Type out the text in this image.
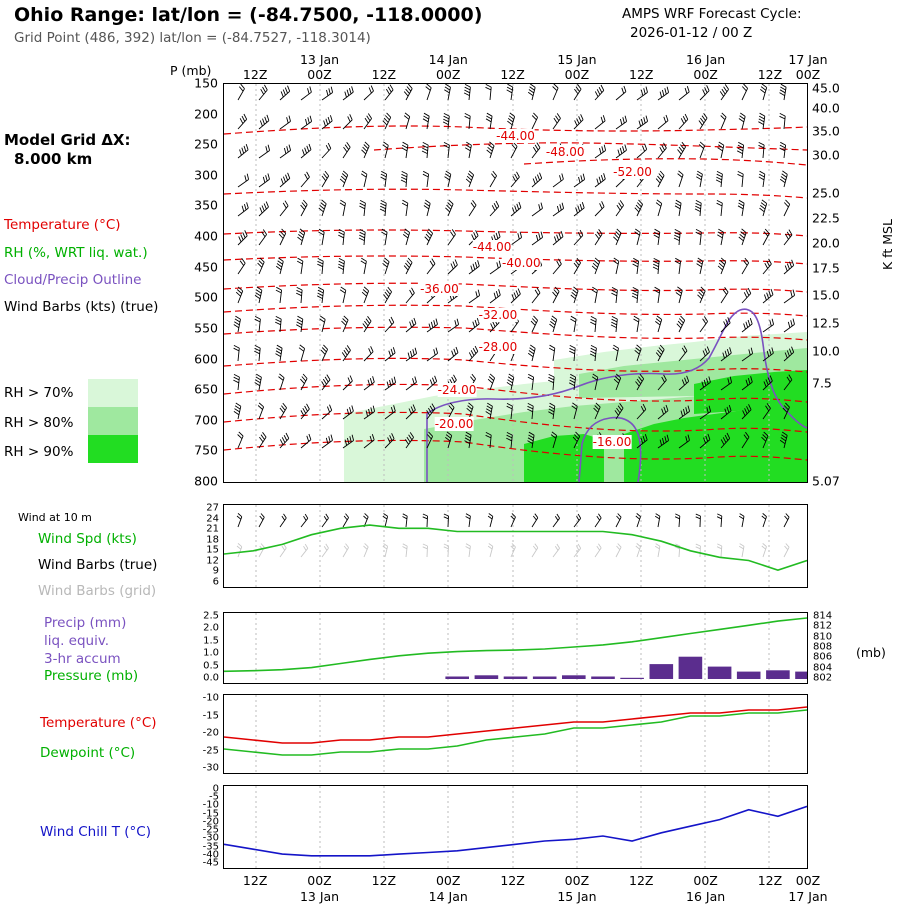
Ohio Range: lat/lon = (-84.7500, -118.0000)
Grid Point (486, 392) lat/lon = (-84.7527, -118.3014)
AMPS WRF Forecast Cycle:
2026-01-12 / 00 Z
Model Grid ΔX:
8.000 km
Temperature (°C)
RH (%, WRT liq. wat.)
Cloud/Precip Outline
Wind Barbs (kts) (true)
RH > 70%
RH > 80%
RH > 90%
Wind at 10 m
Wind Spd (kts)
Wind Barbs (true)
Wind Barbs (grid)
Precip (mm)
liq. equiv.
3-hr accum
Pressure (mb)
Temperature (°C)
Dewpoint (°C)
Wind Chill T (°C)
P (mb)
K ft MSL
(mb)
150
200
250
300
350
400
450
500
550
600
650
700
750
800
45.0
40.0
35.0
30.0
25.0
22.5
20.0
17.5
15.0
12.5
10.0
7.5
5.07
12Z
13 Jan
00Z	12Z
14 Jan
00Z	12Z
15 Jan
00Z	12Z
16 Jan
00Z	12Z
17 Jan
00Z
-44.00
-48.00
-52.00
-44.00
-40.00
-36.00
-32.00
-28.00
-24.00
-20.00
-16.00
27
24
21
18
15
12
9
6
2.5
2.0
1.5
1.0
0.5
0.0
814
812
810
808
806
804
802
-10
-15
-20
-25
-30
0
-5
-10
-15
-20
-25
-30
-35
-40
-45
12Z
13 Jan
00Z	12Z
14 Jan
00Z	12Z
15 Jan
00Z	12Z
16 Jan
00Z	12Z
17 Jan
00Z
